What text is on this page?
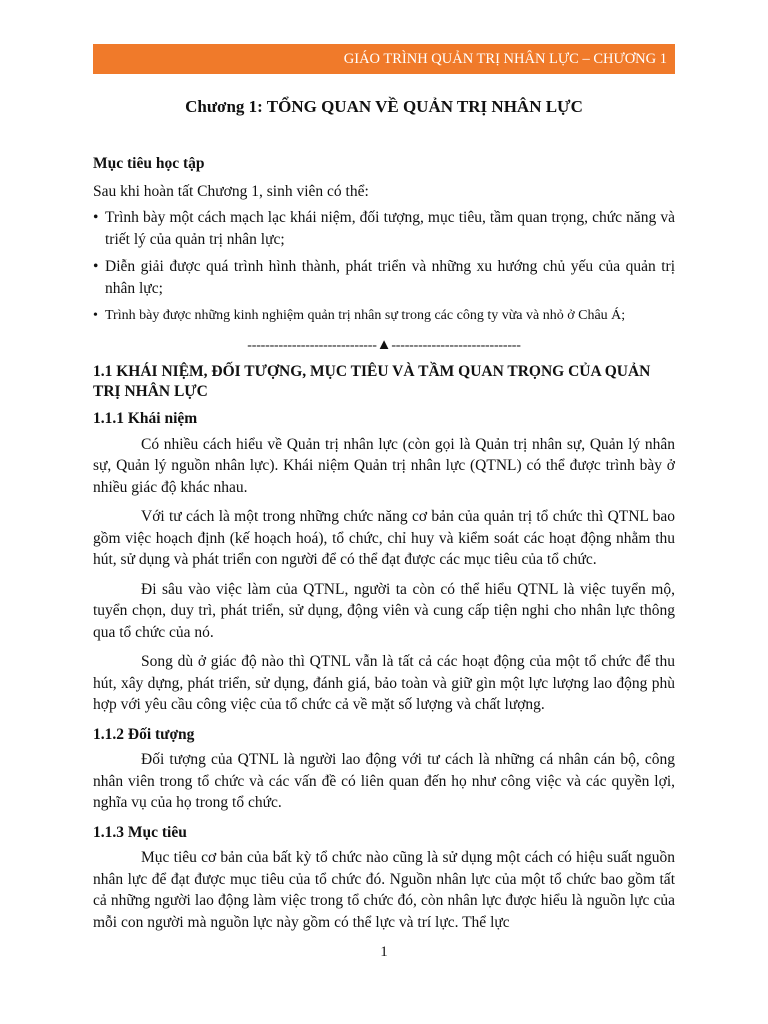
GIÁO TRÌNH QUẢN TRỊ NHÂN LỰC – CHƯƠNG 1
Chương 1: TỔNG QUAN VỀ QUẢN TRỊ NHÂN LỰC

Mục tiêu học tập

Sau khi hoàn tất Chương 1, sinh viên có thể:

• Trình bày một cách mạch lạc khái niệm, đối tượng, mục tiêu, tầm quan trọng, chức năng và triết lý của quản trị nhân lực;

• Diễn giải được quá trình hình thành, phát triển và những xu hướng chủ yếu của quản trị nhân lực;

• Trình bày được những kinh nghiệm quản trị nhân sự trong các công ty vừa và nhỏ ở Châu Á;

-----------------------------▲-----------------------------

1.1 KHÁI NIỆM, ĐỐI TƯỢNG, MỤC TIÊU VÀ TẦM QUAN TRỌNG CỦA QUẢN TRỊ NHÂN LỰC

1.1.1 Khái niệm

Có nhiều cách hiểu về Quản trị nhân lực (còn gọi là Quản trị nhân sự, Quản lý nhân sự, Quản lý nguồn nhân lực). Khái niệm Quản trị nhân lực (QTNL) có thể được trình bày ở nhiều giác độ khác nhau.

Với tư cách là một trong những chức năng cơ bản của quản trị tổ chức thì QTNL bao gồm việc hoạch định (kế hoạch hoá), tổ chức, chỉ huy và kiểm soát các hoạt động nhằm thu hút, sử dụng và phát triển con người để có thể đạt được các mục tiêu của tổ chức.

Đi sâu vào việc làm của QTNL, người ta còn có thể hiểu QTNL là việc tuyển mộ, tuyển chọn, duy trì, phát triển, sử dụng, động viên và cung cấp tiện nghi cho nhân lực thông qua tổ chức của nó.

Song dù ở giác độ nào thì QTNL vẫn là tất cả các hoạt động của một tổ chức để thu hút, xây dựng, phát triển, sử dụng, đánh giá, bảo toàn và giữ gìn một lực lượng lao động phù hợp với yêu cầu công việc của tổ chức cả về mặt số lượng và chất lượng.

1.1.2 Đối tượng

Đối tượng của QTNL là người lao động với tư cách là những cá nhân cán bộ, công nhân viên trong tổ chức và các vấn đề có liên quan đến họ như công việc và các quyền lợi, nghĩa vụ của họ trong tổ chức.

1.1.3 Mục tiêu

Mục tiêu cơ bản của bất kỳ tổ chức nào cũng là sử dụng một cách có hiệu suất nguồn nhân lực để đạt được mục tiêu của tổ chức đó. Nguồn nhân lực của một tổ chức bao gồm tất cả những người lao động làm việc trong tổ chức đó, còn nhân lực được hiểu là nguồn lực của mỗi con người mà nguồn lực này gồm có thể lực và trí lực. Thể lực

1
